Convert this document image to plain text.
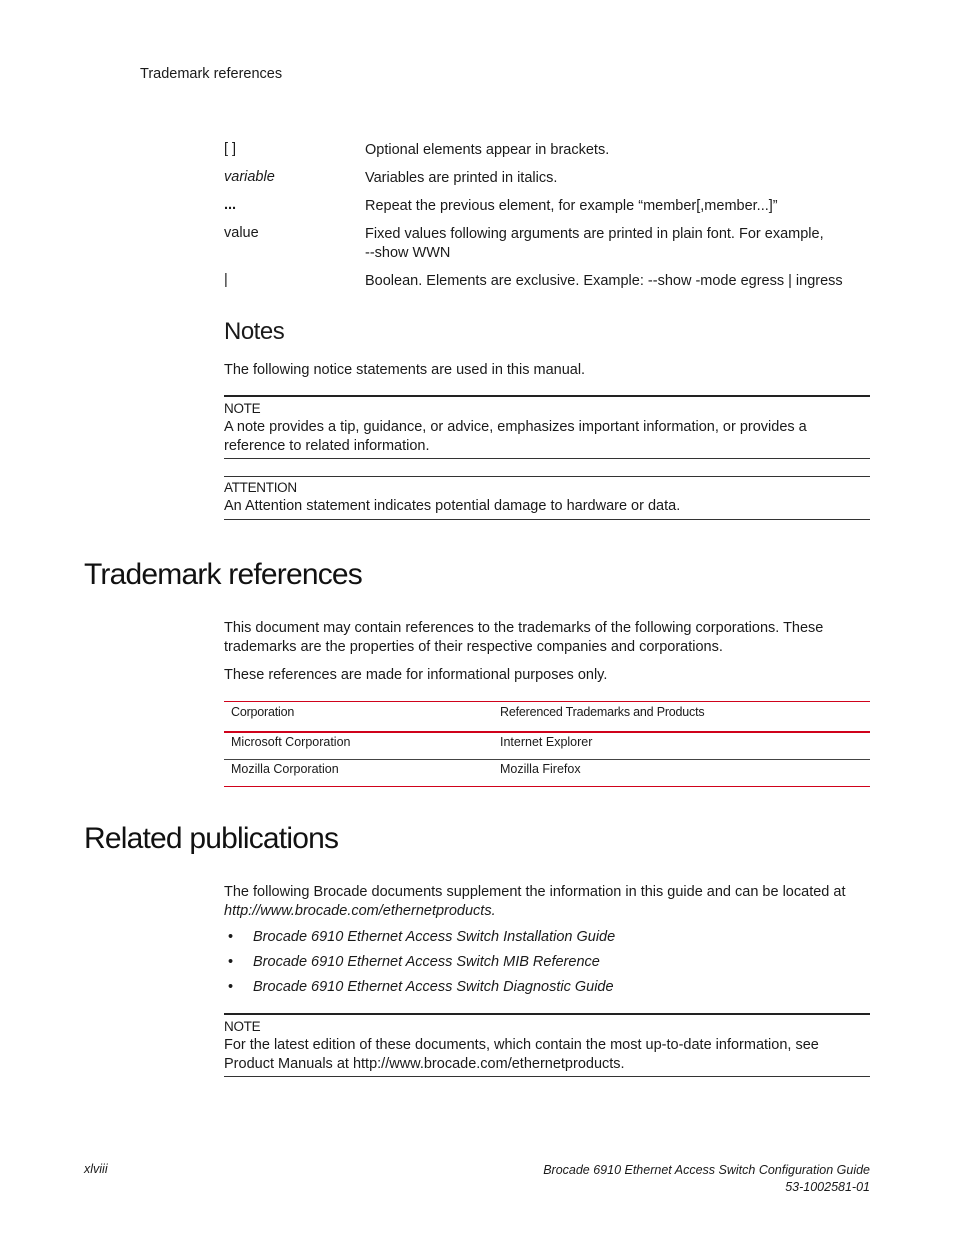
Trademark references
[ ]	Optional elements appear in brackets.
variable	Variables are printed in italics.
...	Repeat the previous element, for example “member[,member...]”
value	Fixed values following arguments are printed in plain font. For example,
--show WWN
|	Boolean. Elements are exclusive. Example: --show -mode egress | ingress
Notes
The following notice statements are used in this manual.
NOTE
A note provides a tip, guidance, or advice, emphasizes important information, or provides a reference to related information.
ATTENTION
An Attention statement indicates potential damage to hardware or data.
Trademark references
This document may contain references to the trademarks of the following corporations. These trademarks are the properties of their respective companies and corporations.
These references are made for informational purposes only.
Corporation	Referenced Trademarks and Products
Microsoft Corporation	Internet Explorer
Mozilla Corporation	Mozilla Firefox
Related publications
The following Brocade documents supplement the information in this guide and can be located at
http://www.brocade.com/ethernetproducts.
• Brocade 6910 Ethernet Access Switch Installation Guide
• Brocade 6910 Ethernet Access Switch MIB Reference
• Brocade 6910 Ethernet Access Switch Diagnostic Guide
NOTE
For the latest edition of these documents, which contain the most up-to-date information, see Product Manuals at http://www.brocade.com/ethernetproducts.
xlviii	Brocade 6910 Ethernet Access Switch Configuration Guide
53-1002581-01
